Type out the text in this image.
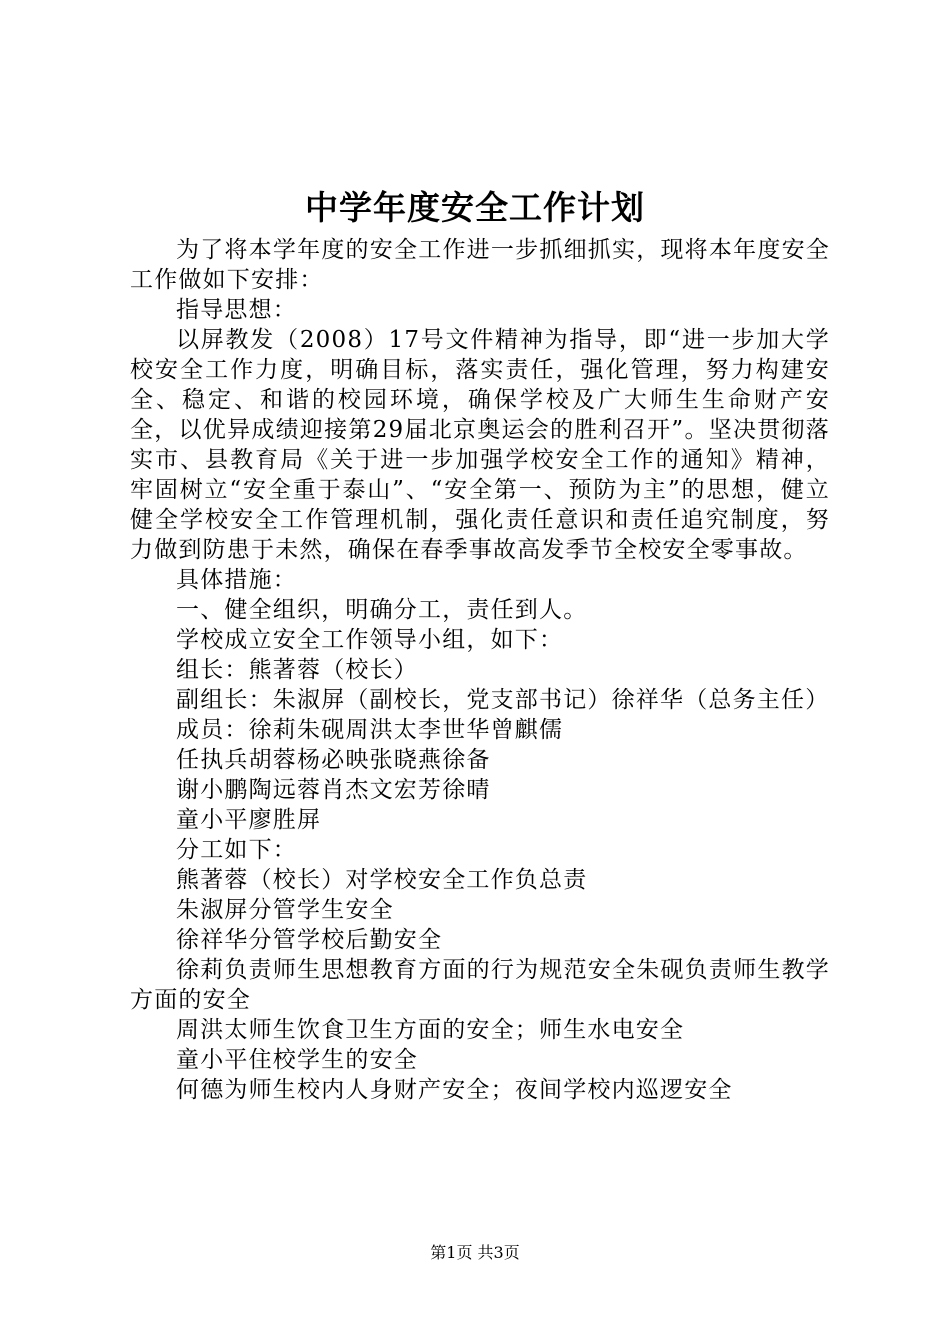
中学年度安全工作计划

为了将本学年度的安全工作进一步抓细抓实，现将本年度安全工作做如下安排：

指导思想：

以屏教发（2008）17号文件精神为指导，即“进一步加大学校安全工作力度，明确目标，落实责任，强化管理，努力构建安全、稳定、和谐的校园环境，确保学校及广大师生生命财产安全，以优异成绩迎接第29届北京奥运会的胜利召开”。坚决贯彻落实市、县教育局《关于进一步加强学校安全工作的通知》精神，牢固树立“安全重于泰山”、“安全第一、预防为主”的思想，健立健全学校安全工作管理机制，强化责任意识和责任追究制度，努力做到防患于未然，确保在春季事故高发季节全校安全零事故。

具体措施：

一、健全组织，明确分工，责任到人。

学校成立安全工作领导小组，如下：

组长：熊著蓉（校长）

副组长：朱淑屏（副校长，党支部书记）徐祥华（总务主任）

成员：徐莉朱砚周洪太李世华曾麒儒

任执兵胡蓉杨必映张晓燕徐备

谢小鹏陶远蓉肖杰文宏芳徐晴

童小平廖胜屏

分工如下：

熊著蓉（校长）对学校安全工作负总责

朱淑屏分管学生安全

徐祥华分管学校后勤安全

徐莉负责师生思想教育方面的行为规范安全朱砚负责师生教学方面的安全

周洪太师生饮食卫生方面的安全；师生水电安全

童小平住校学生的安全

何德为师生校内人身财产安全；夜间学校内巡逻安全

第1页 共3页
